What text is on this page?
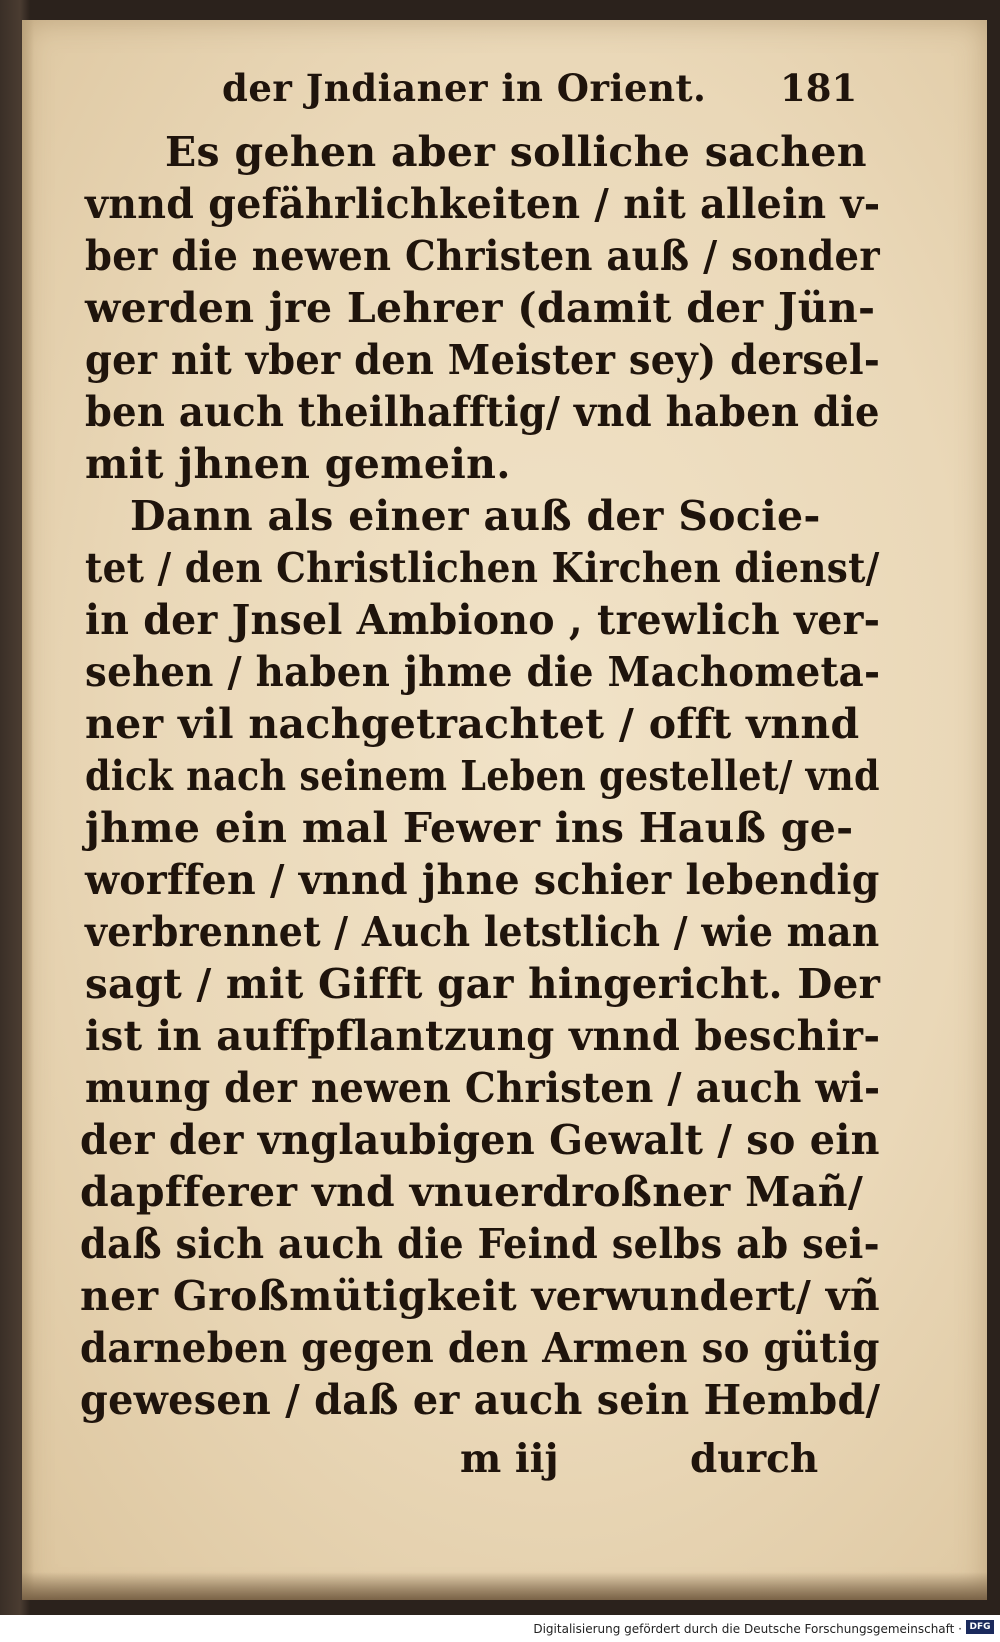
der Jndianer in Orient. 181
Es gehen aber solliche sachen
vnnd gefährlichkeiten / nit allein v-
ber die newen Christen auß / sonder
werden jre Lehrer (damit der Jün-
ger nit vber den Meister sey) dersel-
ben auch theilhafftig/ vnd haben die
mit jhnen gemein.
Dann als einer auß der Socie-
tet / den Christlichen Kirchen dienst/
in der Jnsel Ambiono , trewlich ver-
sehen / haben jhme die Machometa-
ner vil nachgetrachtet / offt vnnd
dick nach seinem Leben gestellet/ vnd
jhme ein mal Fewer ins Hauß ge-
worffen / vnnd jhne schier lebendig
verbrennet / Auch letstlich / wie man
sagt / mit Gifft gar hingericht. Der
ist in auffpflantzung vnnd beschir-
mung der newen Christen / auch wi-
der der vnglaubigen Gewalt / so ein
dapfferer vnd vnuerdroßner Mañ/
daß sich auch die Feind selbs ab sei-
ner Großmütigkeit verwundert/ vñ
darneben gegen den Armen so gütig
gewesen / daß er auch sein Hembd/
m iij	durch
Digitalisierung gefördert durch die Deutsche Forschungsgemeinschaft · DFG
